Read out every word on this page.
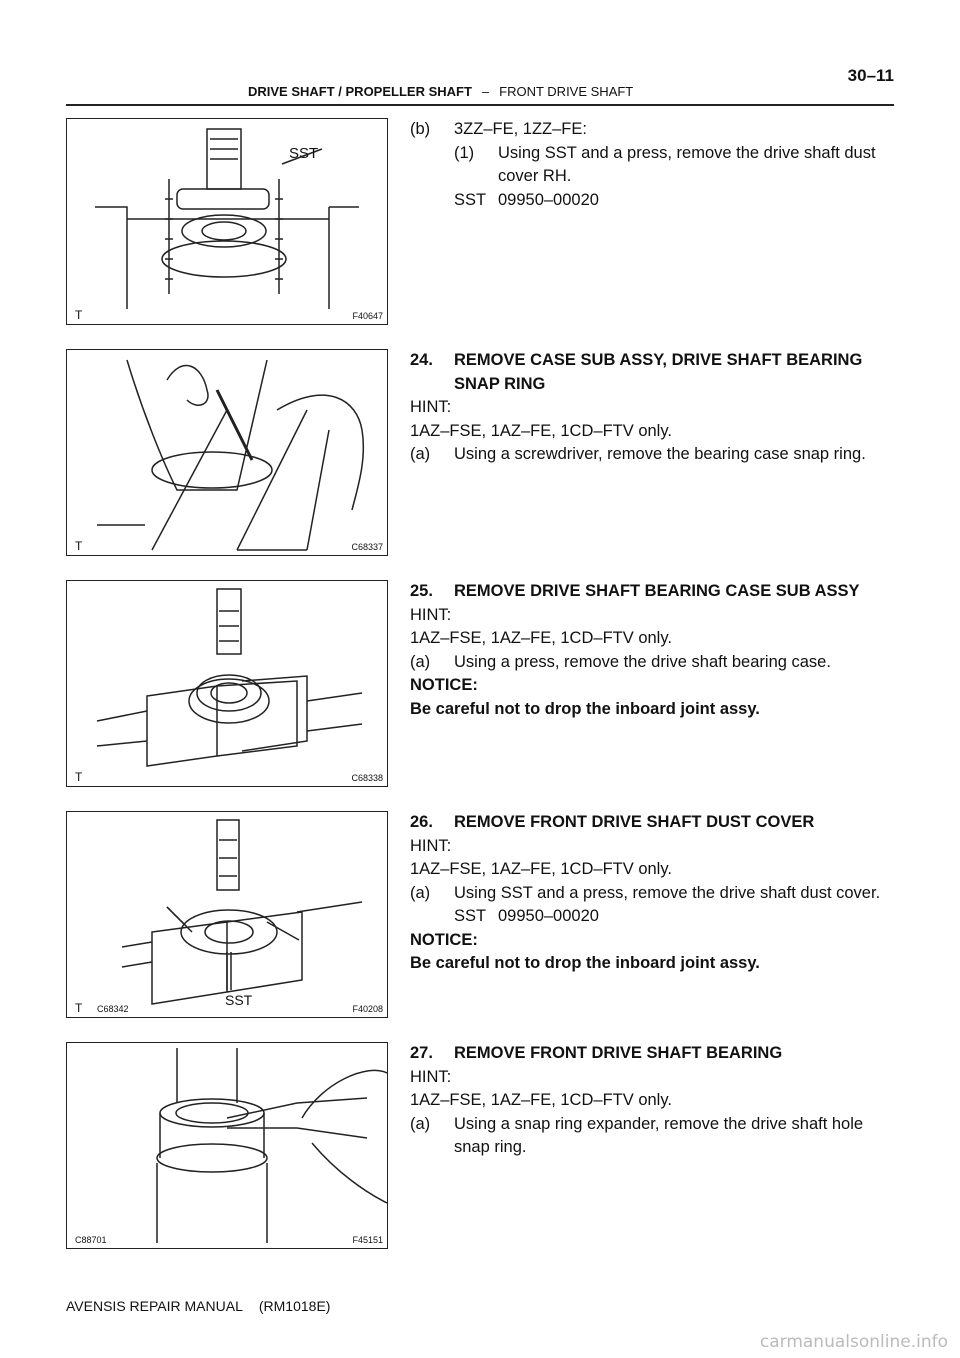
DRIVE SHAFT / PROPELLER SHAFT – FRONT DRIVE SHAFT
30–11
SST
T	F40647
T	C68337
T	C68338
SST
T C68342	F40208
C88701	F45151
(b)	3ZZ–FE, 1ZZ–FE:
(1)	Using SST and a press, remove the drive shaft dust cover RH.
SST 09950–00020
24.	REMOVE CASE SUB ASSY, DRIVE SHAFT BEARING SNAP RING

HINT:

1AZ–FSE, 1AZ–FE, 1CD–FTV only.

(a)	Using a screwdriver, remove the bearing case snap ring.
25.	REMOVE DRIVE SHAFT BEARING CASE SUB ASSY

HINT:

1AZ–FSE, 1AZ–FE, 1CD–FTV only.

(a)	Using a press, remove the drive shaft bearing case.

NOTICE:

Be careful not to drop the inboard joint assy.

26.	REMOVE FRONT DRIVE SHAFT DUST COVER

HINT:

1AZ–FSE, 1AZ–FE, 1CD–FTV only.

(a)	Using SST and a press, remove the drive shaft dust cover.
SST 09950–00020

NOTICE:

Be careful not to drop the inboard joint assy.

27.	REMOVE FRONT DRIVE SHAFT BEARING

HINT:

1AZ–FSE, 1AZ–FE, 1CD–FTV only.

(a)	Using a snap ring expander, remove the drive shaft hole snap ring.
AVENSIS REPAIR MANUAL (RM1018E)
carmanualsonline.info
